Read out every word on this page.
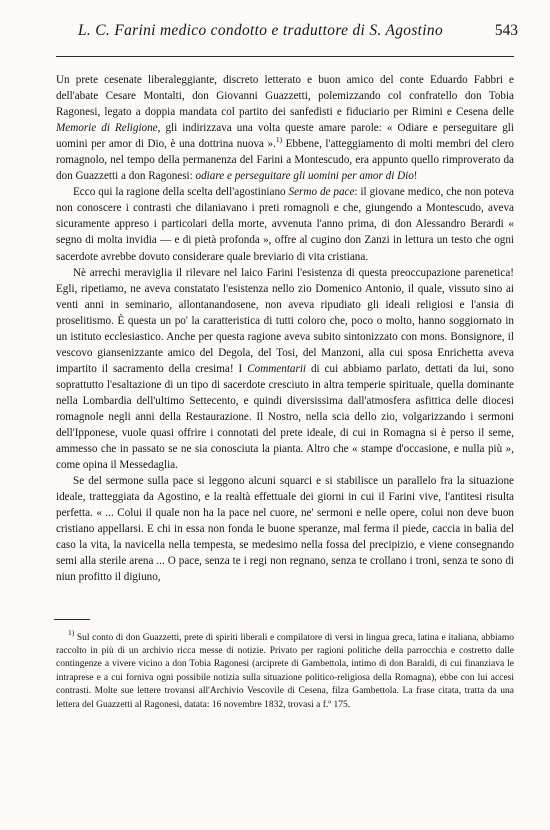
L. C. Farini medico condotto e traduttore di S. Agostino	543

Un prete cesenate liberaleggiante, discreto letterato e buon amico del conte Eduardo Fabbri e dell'abate Cesare Montalti, don Giovanni Guazzetti, polemizzando col confratello don Tobia Ragonesi, legato a doppia mandata col partito dei sanfedisti e fiduciario per Rimini e Cesena delle Memorie di Religione, gli indirizzava una volta queste amare parole: « Odiare e perseguitare gli uomini per amor di Dio, è una dottrina nuova ».$^{1)}$ Ebbene, l'atteggiamento di molti membri del clero romagnolo, nel tempo della permanenza del Farini a Montescudo, era appunto quello rimproverato da don Guazzetti a don Ragonesi: odiare e perseguitare gli uomini per amor di Dio!

Ecco qui la ragione della scelta dell'agostiniano Sermo de pace: il giovane medico, che non poteva non conoscere i contrasti che dilaniavano i preti romagnoli e che, giungendo a Montescudo, aveva sicuramente appreso i particolari della morte, avvenuta l'anno prima, di don Alessandro Berardi « segno di molta invidia — e di pietà profonda », offre al cugino don Zanzi in lettura un testo che ogni sacerdote avrebbe dovuto considerare quale breviario di vita cristiana.

Nè arrechi meraviglia il rilevare nel laico Farini l'esistenza di questa preoccupazione parenetica! Egli, ripetiamo, ne aveva constatato l'esistenza nello zio Domenico Antonio, il quale, vissuto sino ai venti anni in seminario, allontanandosene, non aveva ripudiato gli ideali religiosi e l'ansia di proselitismo. È questa un po' la caratteristica di tutti coloro che, poco o molto, hanno soggiornato in un istituto ecclesiastico. Anche per questa ragione aveva subito sintonizzato con mons. Bonsignore, il vescovo giansenizzante amico del Degola, del Tosi, del Manzoni, alla cui sposa Enrichetta aveva impartito il sacramento della cresima! I Commentarii di cui abbiamo parlato, dettati da lui, sono soprattutto l'esaltazione di un tipo di sacerdote cresciuto in altra temperie spirituale, quella dominante nella Lombardia dell'ultimo Settecento, e quindi diversissima dall'atmosfera asfittica delle diocesi romagnole negli anni della Restaurazione. Il Nostro, nella scia dello zio, volgarizzando i sermoni dell'Ipponese, vuole quasi offrire i connotati del prete ideale, di cui in Romagna si è perso il seme, ammesso che in passato se ne sia conosciuta la pianta. Altro che « stampe d'occasione, e nulla più », come opina il Messedaglia.

Se del sermone sulla pace si leggono alcuni squarci e si stabilisce un parallelo fra la situazione ideale, tratteggiata da Agostino, e la realtà effettuale dei giorni in cui il Farini vive, l'antitesi risulta perfetta. « ... Colui il quale non ha la pace nel cuore, ne' sermoni e nelle opere, colui non deve buon cristiano appellarsi. E chi in essa non fonda le buone speranze, mal ferma il piede, caccia in balìa del caso la vita, la navicella nella tempesta, se medesimo nella fossa del precipizio, e viene consegnando semi alla sterile arena ... O pace, senza te i regi non regnano, senza te crollano i troni, senza te sono di niun profitto il digiuno,

$^{1)}$ Sul conto di don Guazzetti, prete di spiriti liberali e compilatore di versi in lingua greca, latina e italiana, abbiamo raccolto in più di un archivio ricca messe di notizie. Privato per ragioni politiche della parrocchia e costretto dalle contingenze a vivere vicino a don Tobia Ragonesi (arciprete di Gambettola, intimo di don Baraldi, di cui finanziava le intraprese e a cui forniva ogni possibile notizia sulla situazione politico-religiosa della Romagna), ebbe con lui accesi contrasti. Molte sue lettere trovansi all'Archivio Vescovile di Cesena, filza Gambettola. La frase citata, tratta da una lettera del Guazzetti al Ragonesi, datata: 16 novembre 1832, trovasi a f.º 175.
